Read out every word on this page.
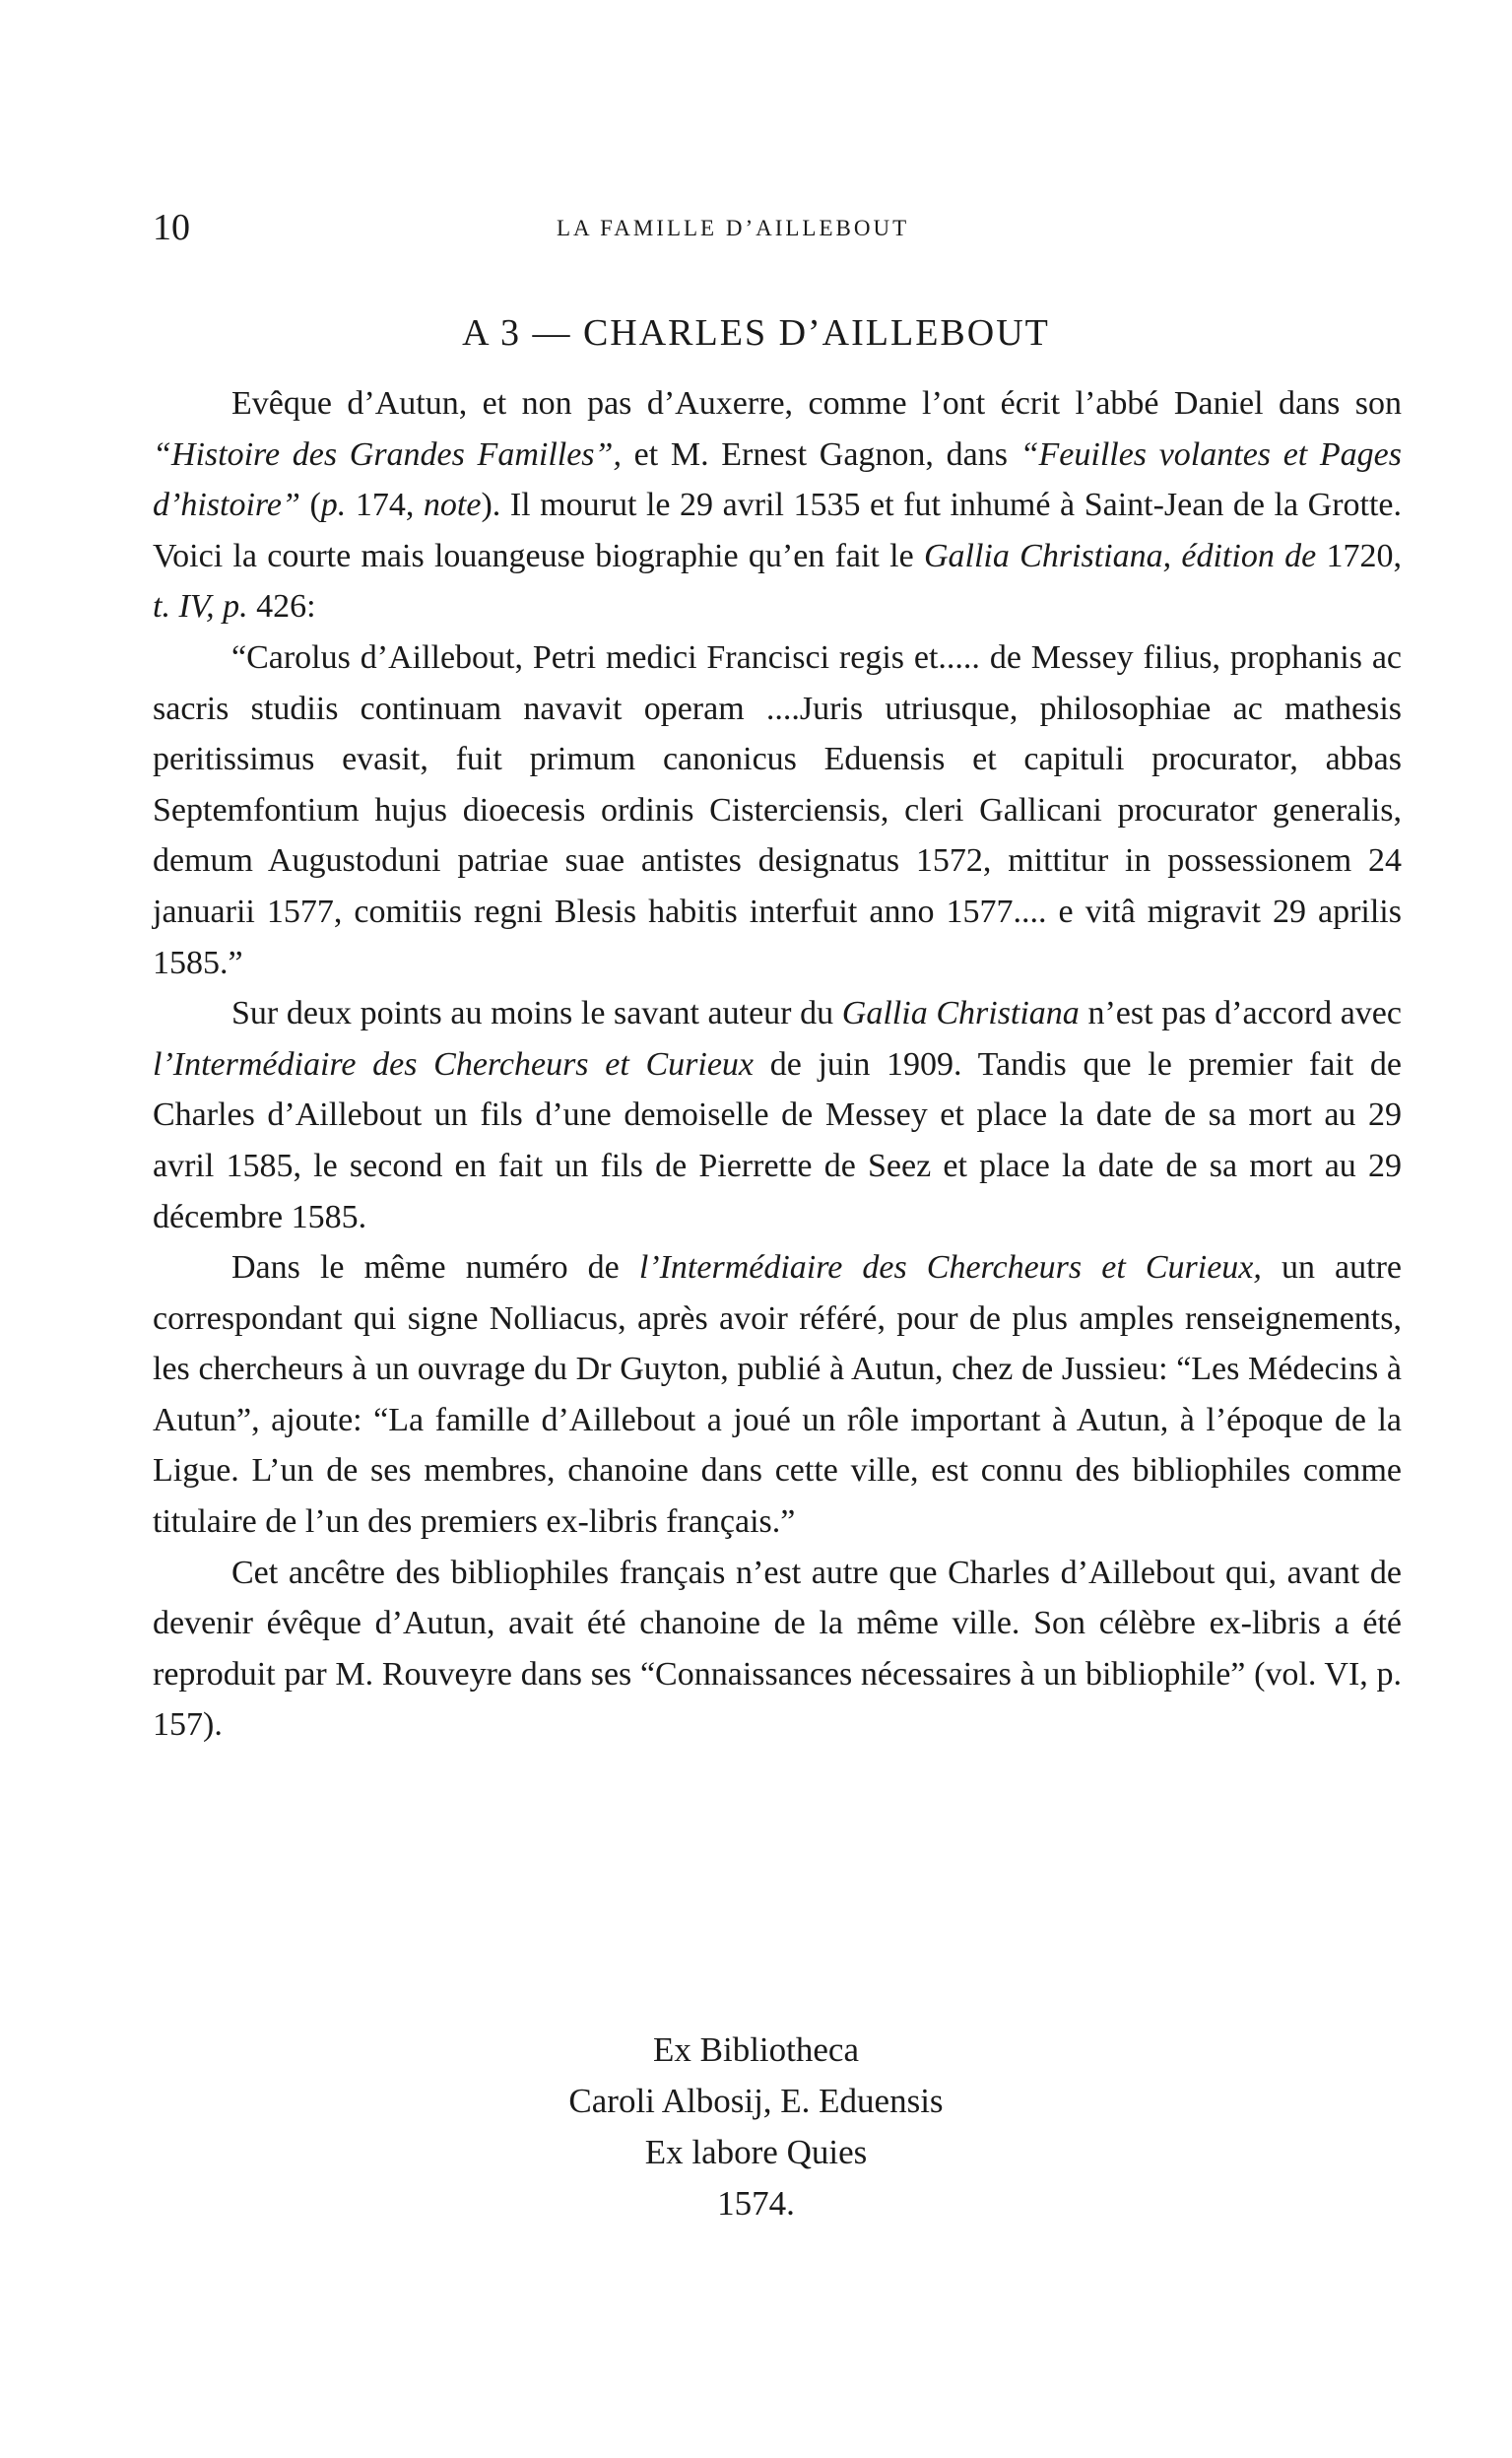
10	LA FAMILLE D’AILLEBOUT
A 3 — CHARLES D’AILLEBOUT

Evêque d’Autun, et non pas d’Auxerre, comme l’ont écrit l’abbé Daniel dans son “Histoire des Grandes Familles”, et M. Ernest Gagnon, dans “Feuilles volantes et Pages d’histoire” (p. 174, note). Il mourut le 29 avril 1535 et fut inhumé à Saint-Jean de la Grotte. Voici la courte mais louangeuse biographie qu’en fait le Gallia Christiana, édition de 1720, t. IV, p. 426:

“Carolus d’Aillebout, Petri medici Francisci regis et..... de Messey filius, prophanis ac sacris studiis continuam navavit operam ....Juris utriusque, philosophiae ac mathesis peritissimus evasit, fuit primum canonicus Eduensis et capituli procurator, abbas Septemfontium hujus dioecesis ordinis Cisterciensis, cleri Gallicani procurator generalis, demum Augustoduni patriae suae antistes designatus 1572, mittitur in possessionem 24 januarii 1577, comitiis regni Blesis habitis interfuit anno 1577.... e vitâ migravit 29 aprilis 1585.”

Sur deux points au moins le savant auteur du Gallia Christiana n’est pas d’accord avec l’Intermédiaire des Chercheurs et Curieux de juin 1909. Tandis que le premier fait de Charles d’Aillebout un fils d’une demoiselle de Messey et place la date de sa mort au 29 avril 1585, le second en fait un fils de Pierrette de Seez et place la date de sa mort au 29 décembre 1585.

Dans le même numéro de l’Intermédiaire des Chercheurs et Curieux, un autre correspondant qui signe Nolliacus, après avoir référé, pour de plus amples renseignements, les chercheurs à un ouvrage du Dr Guyton, publié à Autun, chez de Jussieu: “Les Médecins à Autun”, ajoute: “La famille d’Aillebout a joué un rôle important à Autun, à l’époque de la Ligue. L’un de ses membres, chanoine dans cette ville, est connu des bibliophiles comme titulaire de l’un des premiers ex-libris français.”

Cet ancêtre des bibliophiles français n’est autre que Charles d’Aillebout qui, avant de devenir évêque d’Autun, avait été chanoine de la même ville. Son célèbre ex-libris a été reproduit par M. Rouveyre dans ses “Connaissances nécessaires à un bibliophile” (vol. VI, p. 157).

Ex Bibliotheca
Caroli Albosij, E. Eduensis
Ex labore Quies
1574.
